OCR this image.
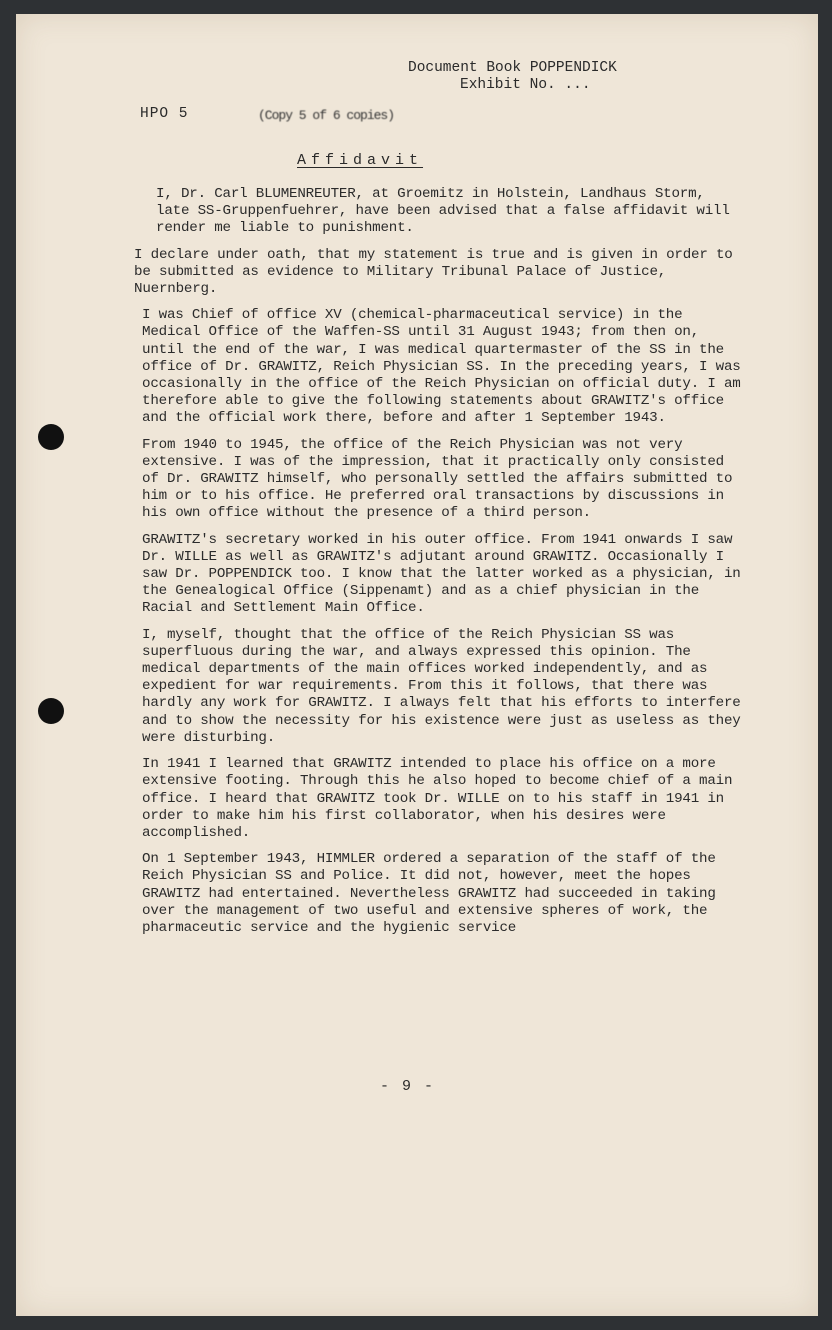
Document Book POPPENDICK
Exhibit No. ...
HPO 5	(Copy 5 of 6 copies)
Affidavit

I, Dr. Carl BLUMENREUTER, at Groemitz in Holstein, Landhaus Storm, late SS-Gruppenfuehrer, have been advised that a false affidavit will render me liable to punishment.

I declare under oath, that my statement is true and is given in order to be submitted as evidence to Military Tribunal Palace of Justice, Nuernberg.

I was Chief of office XV (chemical-pharmaceutical service) in the Medical Office of the Waffen-SS until 31 August 1943; from then on, until the end of the war, I was medical quartermaster of the SS in the office of Dr. GRAWITZ, Reich Physician SS. In the preceding years, I was occasionally in the office of the Reich Physician on official duty. I am therefore able to give the following statements about GRAWITZ's office and the official work there, before and after 1 September 1943.

From 1940 to 1945, the office of the Reich Physician was not very extensive. I was of the impression, that it practically only consisted of Dr. GRAWITZ himself, who personally settled the affairs submitted to him or to his office. He preferred oral transactions by discussions in his own office without the presence of a third person.

GRAWITZ's secretary worked in his outer office. From 1941 onwards I saw Dr. WILLE as well as GRAWITZ's adjutant around GRAWITZ. Occasionally I saw Dr. POPPENDICK too. I know that the latter worked as a physician, in the Genealogical Office (Sippenamt) and as a chief physician in the Racial and Settlement Main Office.

I, myself, thought that the office of the Reich Physician SS was superfluous during the war, and always expressed this opinion. The medical departments of the main offices worked independently, and as expedient for war requirements. From this it follows, that there was hardly any work for GRAWITZ. I always felt that his efforts to interfere and to show the necessity for his existence were just as useless as they were disturbing.

In 1941 I learned that GRAWITZ intended to place his office on a more extensive footing. Through this he also hoped to become chief of a main office. I heard that GRAWITZ took Dr. WILLE on to his staff in 1941 in order to make him his first collaborator, when his desires were accomplished.

On 1 September 1943, HIMMLER ordered a separation of the staff of the Reich Physician SS and Police. It did not, however, meet the hopes GRAWITZ had entertained. Nevertheless GRAWITZ had succeeded in taking over the management of two useful and extensive spheres of work, the pharmaceutic service and the hygienic service

- 9 -
